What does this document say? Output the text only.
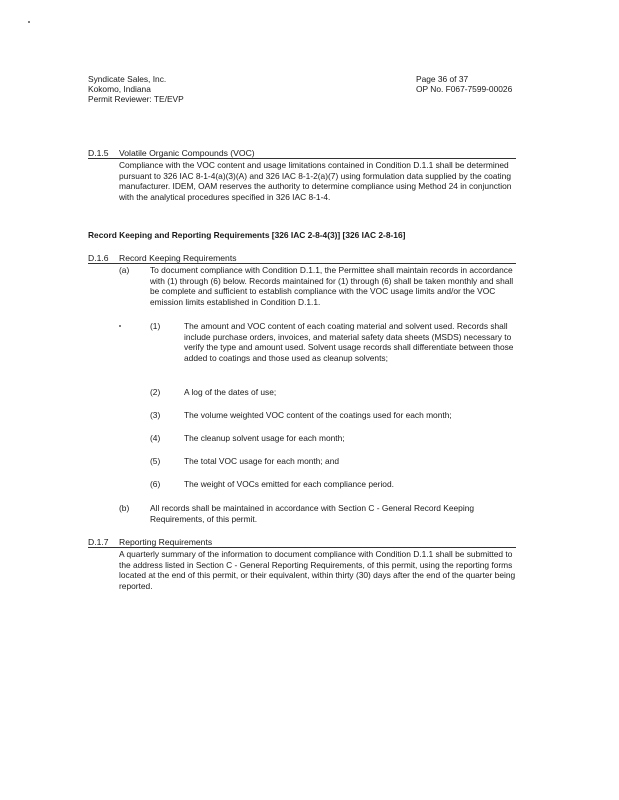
Syndicate Sales, Inc.
Kokomo, Indiana
Permit Reviewer: TE/EVP
Page 36 of 37
OP No. F067-7599-00026
D.1.5 Volatile Organic Compounds (VOC)
Compliance with the VOC content and usage limitations contained in Condition D.1.1 shall be determined pursuant to 326 IAC 8-1-4(a)(3)(A) and 326 IAC 8-1-2(a)(7) using formulation data supplied by the coating manufacturer. IDEM, OAM reserves the authority to determine compliance using Method 24 in conjunction with the analytical procedures specified in 326 IAC 8-1-4.
Record Keeping and Reporting Requirements [326 IAC 2-8-4(3)] [326 IAC 2-8-16]
D.1.6 Record Keeping Requirements
(a) To document compliance with Condition D.1.1, the Permittee shall maintain records in accordance with (1) through (6) below. Records maintained for (1) through (6) shall be taken monthly and shall be complete and sufficient to establish compliance with the VOC usage limits and/or the VOC emission limits established in Condition D.1.1.
(1)	The amount and VOC content of each coating material and solvent used. Records shall include purchase orders, invoices, and material safety data sheets (MSDS) necessary to verify the type and amount used. Solvent usage records shall differentiate between those added to coatings and those used as cleanup solvents;
(2)	A log of the dates of use;
(3)	The volume weighted VOC content of the coatings used for each month;
(4)	The cleanup solvent usage for each month;
(5)	The total VOC usage for each month; and
(6)	The weight of VOCs emitted for each compliance period.
(b) All records shall be maintained in accordance with Section C - General Record Keeping Requirements, of this permit.
D.1.7 Reporting Requirements
A quarterly summary of the information to document compliance with Condition D.1.1 shall be submitted to the address listed in Section C - General Reporting Requirements, of this permit, using the reporting forms located at the end of this permit, or their equivalent, within thirty (30) days after the end of the quarter being reported.
